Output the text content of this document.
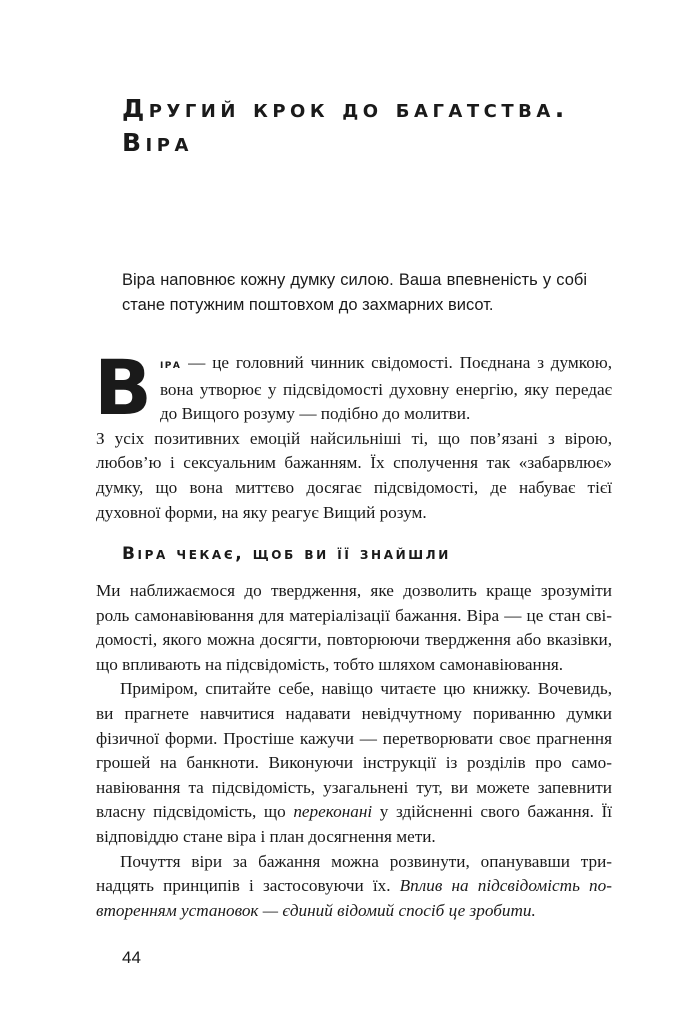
Другий крок до багатства.
Віра

Віра наповнює кожну думку силою. Ваша впевненість у собі стане потужним поштовхом до захмарних висот.

Віра — це головний чинник свідомості. Поєднана з думкою, вона утворює у підсвідомості духовну енергію, яку передає до Вищого розуму — подібно до молитви.

З усіх позитивних емоцій найсильніші ті, що пов’язані з вірою, любов’ю і сексуальним бажанням. Їх сполучення так «забарвлює» думку, що вона миттєво досягає підсвідомості, де набуває тієї духовної форми, на яку реагує Вищий розум.

Віра чекає, щоб ви її знайшли

Ми наближаємося до твердження, яке дозволить краще зрозуміти роль самонавіювання для матеріалізації бажання. Віра — це стан свідомості, якого можна досягти, повторюючи твердження або вказівки, що впливають на підсвідомість, тобто шляхом самонавіювання.

Приміром, спитайте себе, навіщо читаєте цю книжку. Вочевидь, ви прагнете навчитися надавати невідчутному пориванню думки фізичної форми. Простіше кажучи — перетворювати своє прагнення грошей на банкноти. Виконуючи інструкції із розділів про самонавіювання та підсвідомість, узагальнені тут, ви можете запевнити власну підсвідомість, що переконані у здійсненні свого бажання. Її відповіддю стане віра і план досягнення мети.

Почуття віри за бажання можна розвинути, опанувавши тринадцять принципів і застосовуючи їх. Вплив на підсвідомість повторенням установок — єдиний відомий спосіб це зробити.

44
